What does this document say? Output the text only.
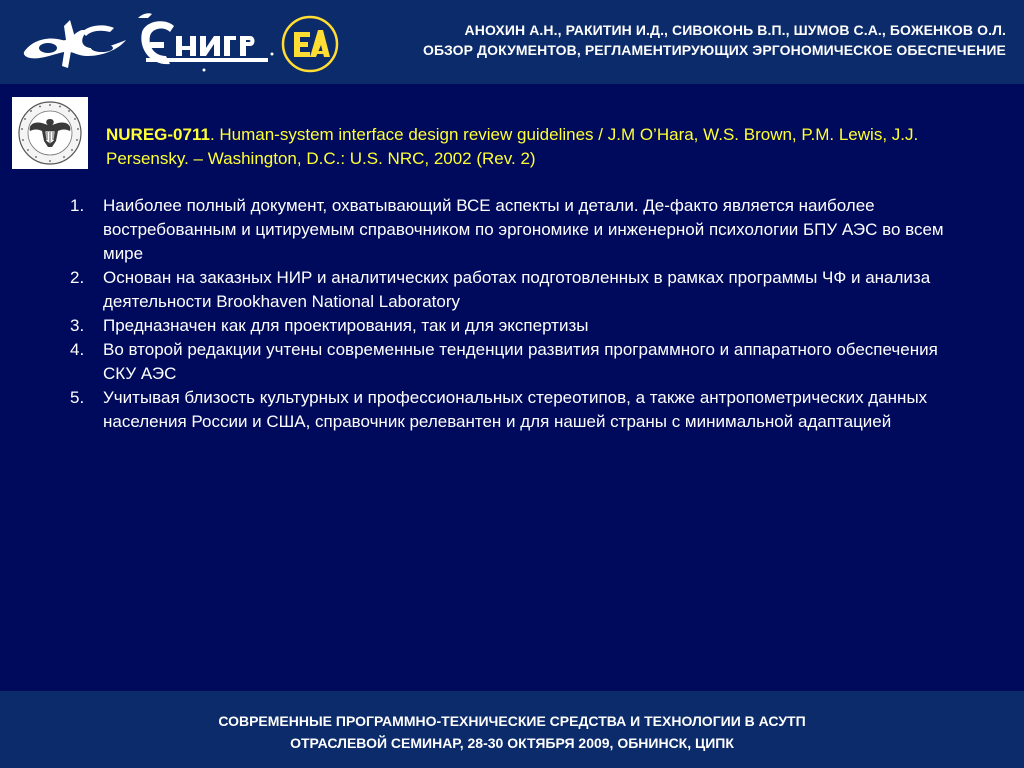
АНОХИН А.Н., РАКИТИН И.Д., СИВОКОНЬ В.П., ШУМОВ С.А., БОЖЕНКОВ О.Л.
ОБЗОР ДОКУМЕНТОВ, РЕГЛАМЕНТИРУЮЩИХ ЭРГОНОМИЧЕСКОЕ ОБЕСПЕЧЕНИЕ
NUREG-0711. Human-system interface design review guidelines / J.M O’Hara, W.S. Brown, P.M. Lewis, J.J. Persensky. – Washington, D.C.: U.S. NRC, 2002 (Rev. 2)
1. Наиболее полный документ, охватывающий ВСЕ аспекты и детали. Де-факто является наиболее востребованным и цитируемым справочником по эргономике и инженерной психологии БПУ АЭС во всем мире
2. Основан на заказных НИР и аналитических работах подготовленных в рамках программы ЧФ и анализа деятельности Brookhaven National Laboratory
3. Предназначен как для проектирования, так и для экспертизы
4. Во второй редакции учтены современные тенденции развития программного и аппаратного обеспечения СКУ АЭС
5. Учитывая близость культурных и профессиональных стереотипов, а также антропометрических данных населения России и США, справочник релевантен и для нашей страны с минимальной адаптацией
СОВРЕМЕННЫЕ ПРОГРАММНО-ТЕХНИЧЕСКИЕ СРЕДСТВА И ТЕХНОЛОГИИ В АСУТП
ОТРАСЛЕВОЙ СЕМИНАР, 28-30 ОКТЯБРЯ 2009, ОБНИНСК, ЦИПК
